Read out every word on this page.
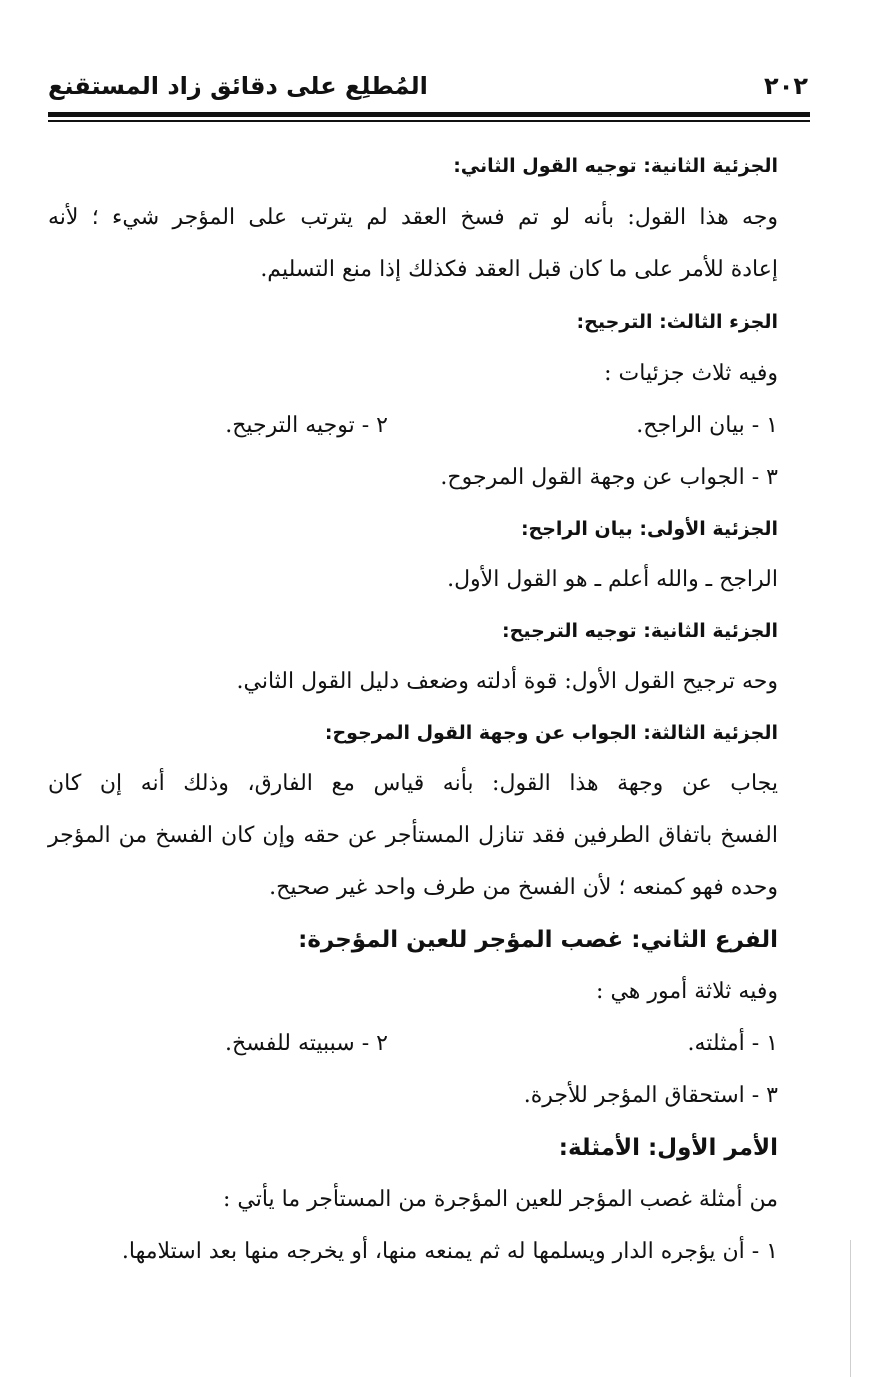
٢٠٢
المُطلِع على دقائق زاد المستقنع
الجزئية الثانية: توجيه القول الثاني:
وجه هذا القول: بأنه لو تم فسخ العقد لم يترتب على المؤجر شيء ؛ لأنه
إعادة للأمر على ما كان قبل العقد فكذلك إذا منع التسليم.
الجزء الثالث: الترجيح:
وفيه ثلاث جزئيات :
١ - بيان الراجح.
٢ - توجيه الترجيح.
٣ - الجواب عن وجهة القول المرجوح.
الجزئية الأولى: بيان الراجح:
الراجح ـ والله أعلم ـ هو القول الأول.
الجزئية الثانية: توجيه الترجيح:
وحه ترجيح القول الأول: قوة أدلته وضعف دليل القول الثاني.
الجزئية الثالثة: الجواب عن وجهة القول المرجوح:
يجاب عن وجهة هذا القول: بأنه قياس مع الفارق، وذلك أنه إن كان
الفسخ باتفاق الطرفين فقد تنازل المستأجر عن حقه وإن كان الفسخ من المؤجر
وحده فهو كمنعه ؛ لأن الفسخ من طرف واحد غير صحيح.
الفرع الثاني: غصب المؤجر للعين المؤجرة:
وفيه ثلاثة أمور هي :
١ - أمثلته.
٢ - سببيته للفسخ.
٣ - استحقاق المؤجر للأجرة.
الأمر الأول: الأمثلة:
من أمثلة غصب المؤجر للعين المؤجرة من المستأجر ما يأتي :
١ - أن يؤجره الدار ويسلمها له ثم يمنعه منها، أو يخرجه منها بعد استلامها.
